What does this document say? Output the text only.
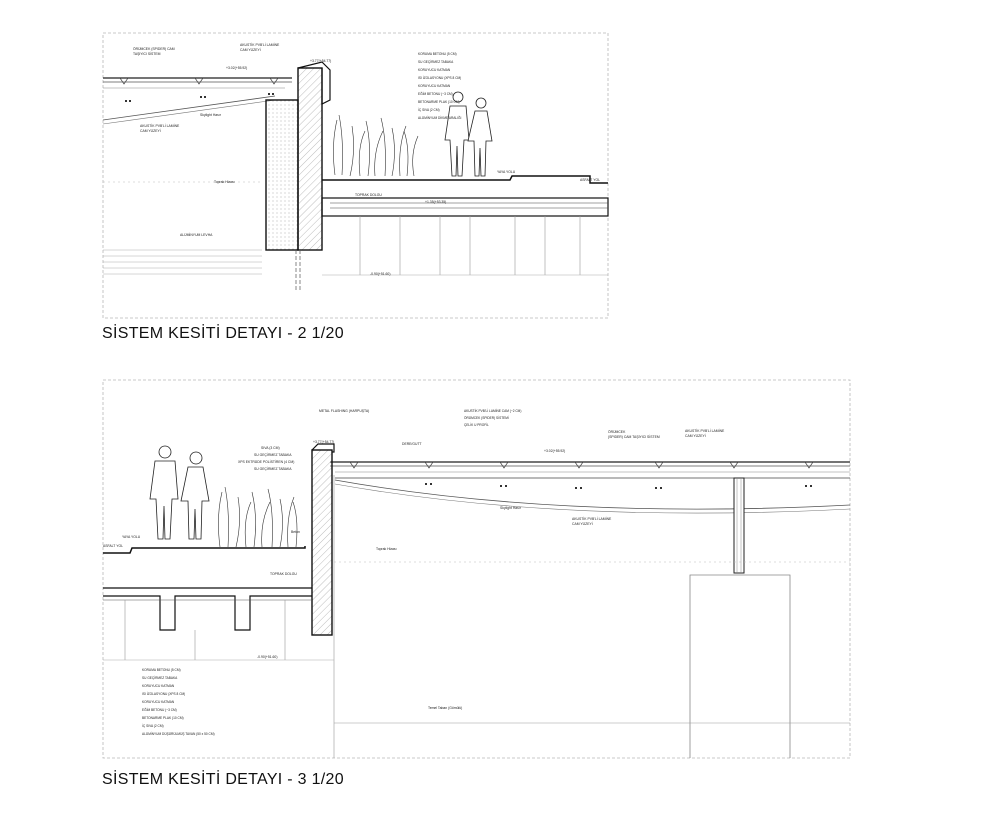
ÖRÜMCEK (SPIDER) CAM
TAŞIYICI SİSTEM
AKUSTİK PVB'Lİ LAMİNE
CAM YÜZEYİ
+3.02(+55.92)
+3.77(+54.77)
Skylight Hasır
AKUSTİK PVB'Lİ LAMİNE
CAM YÜZEYİ
Toprak Hizası
ALÜMİNYUM LEVHA
TOPRAK DOLGU
YAYA YOLU
ASFALT YOL
+1.35(+53.35)
-0.90(+51.60)
KORUMA BETONU (5 CM)
SU GEÇİRMEZ TABAKA
KORUYUCU KATMAN
ISI İZOLASYONU (XPS 8 CM)
KORUYUCU KATMAN
EĞİM BETONU (~3 CM)
BETONARME PLAK (10 CM)
İÇ SIVA (2 CM)
ALÜMİNYUM DİKME ARALIĞI
METAL FLASHING (HARPUŞTA)
+3.77(+54.77)
+3.02(+55.92)
DERE/GUTT
SIVA (3 CM)
SU GEÇİRMEZ TABAKA
XPS EKTRÜDE POLİSTİREN (4 CM)
SU GEÇİRMEZ TABAKA
Beton
YAYA YOLU
ASFALT YOL
TOPRAK DOLGU
Skylight Hasır
Toprak Hizası
-0.90(+51.60)
Temel Taban (Gömülü)
AKUSTİK PVB'Lİ LAMİNE
CAM YÜZEYİ
ÖRÜMCEK
(SPIDER) CAM TAŞIYICI SİSTEM
AKUSTİK PVB'Lİ LAMİNE
CAM YÜZEYİ
AKUSTİK PVB'Lİ LAMİNE CAM (~2 CM)
ÖRÜMCEK (SPIDER) SİSTEMİ
ÇELİK U PROFİL
KORUMA BETONU (5 CM)
SU GEÇİRMEZ TABAKA
KORUYUCU KATMAN
ISI İZOLASYONU (XPS 8 CM)
KORUYUCU KATMAN
EĞİM BETONU (~3 CM)
BETONARME PLAK (10 CM)
İÇ SIVA (2 CM)
ALÜMİNYUM DÜŞÜRÜLMÜŞ TAVAN (50 x 50 CM)
SİSTEM KESİTİ DETAYI - 2 1/20
SİSTEM KESİTİ DETAYI - 3 1/20
